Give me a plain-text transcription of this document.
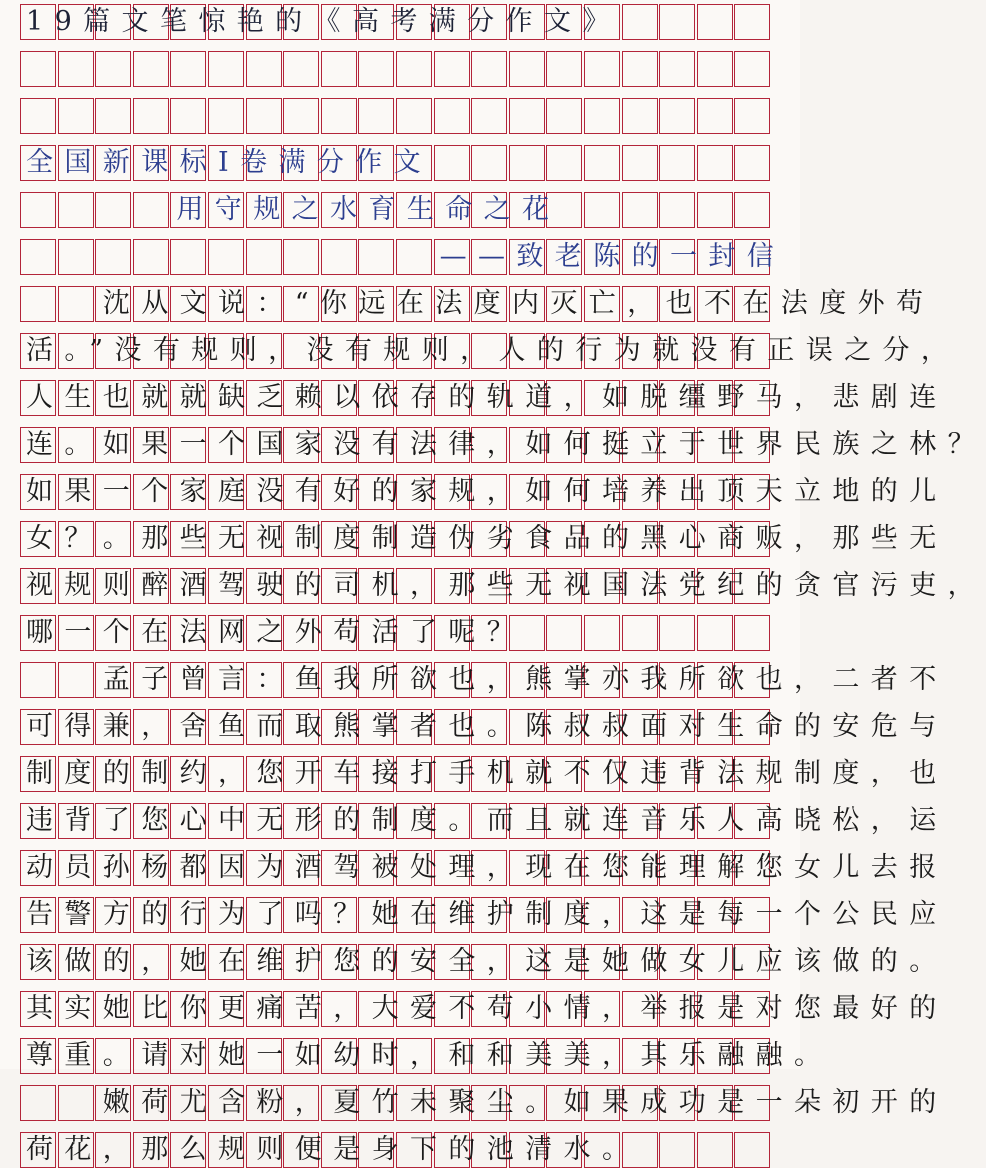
19篇文笔惊艳的《高考满分作文》
全国新课标Ⅰ卷满分作文
用守规之水育生命之花
——致老陈的一封信
　　沈从文说：“你远在法度内灭亡，也不在法度外苟
活。”没有规则，没有规则，人的行为就没有正误之分，
人生也就就缺乏赖以依存的轨道，如脱缰野马，悲剧连
连。如果一个国家没有法律，如何挺立于世界民族之林？
如果一个家庭没有好的家规，如何培养出顶天立地的儿
女？。那些无视制度制造伪劣食品的黑心商贩，那些无
视规则醉酒驾驶的司机，那些无视国法党纪的贪官污吏，
哪一个在法网之外苟活了呢？
　　孟子曾言：鱼我所欲也，熊掌亦我所欲也，二者不
可得兼，舍鱼而取熊掌者也。陈叔叔面对生命的安危与
制度的制约，您开车接打手机就不仅违背法规制度，也
违背了您心中无形的制度。而且就连音乐人高晓松，运
动员孙杨都因为酒驾被处理，现在您能理解您女儿去报
告警方的行为了吗？她在维护制度，这是每一个公民应
该做的，她在维护您的安全，这是她做女儿应该做的。
其实她比你更痛苦，大爱不苟小情，举报是对您最好的
尊重。请对她一如幼时，和和美美，其乐融融。
　　嫩荷尤含粉，夏竹未聚尘。如果成功是一朵初开的
荷花，那么规则便是身下的池清水。
